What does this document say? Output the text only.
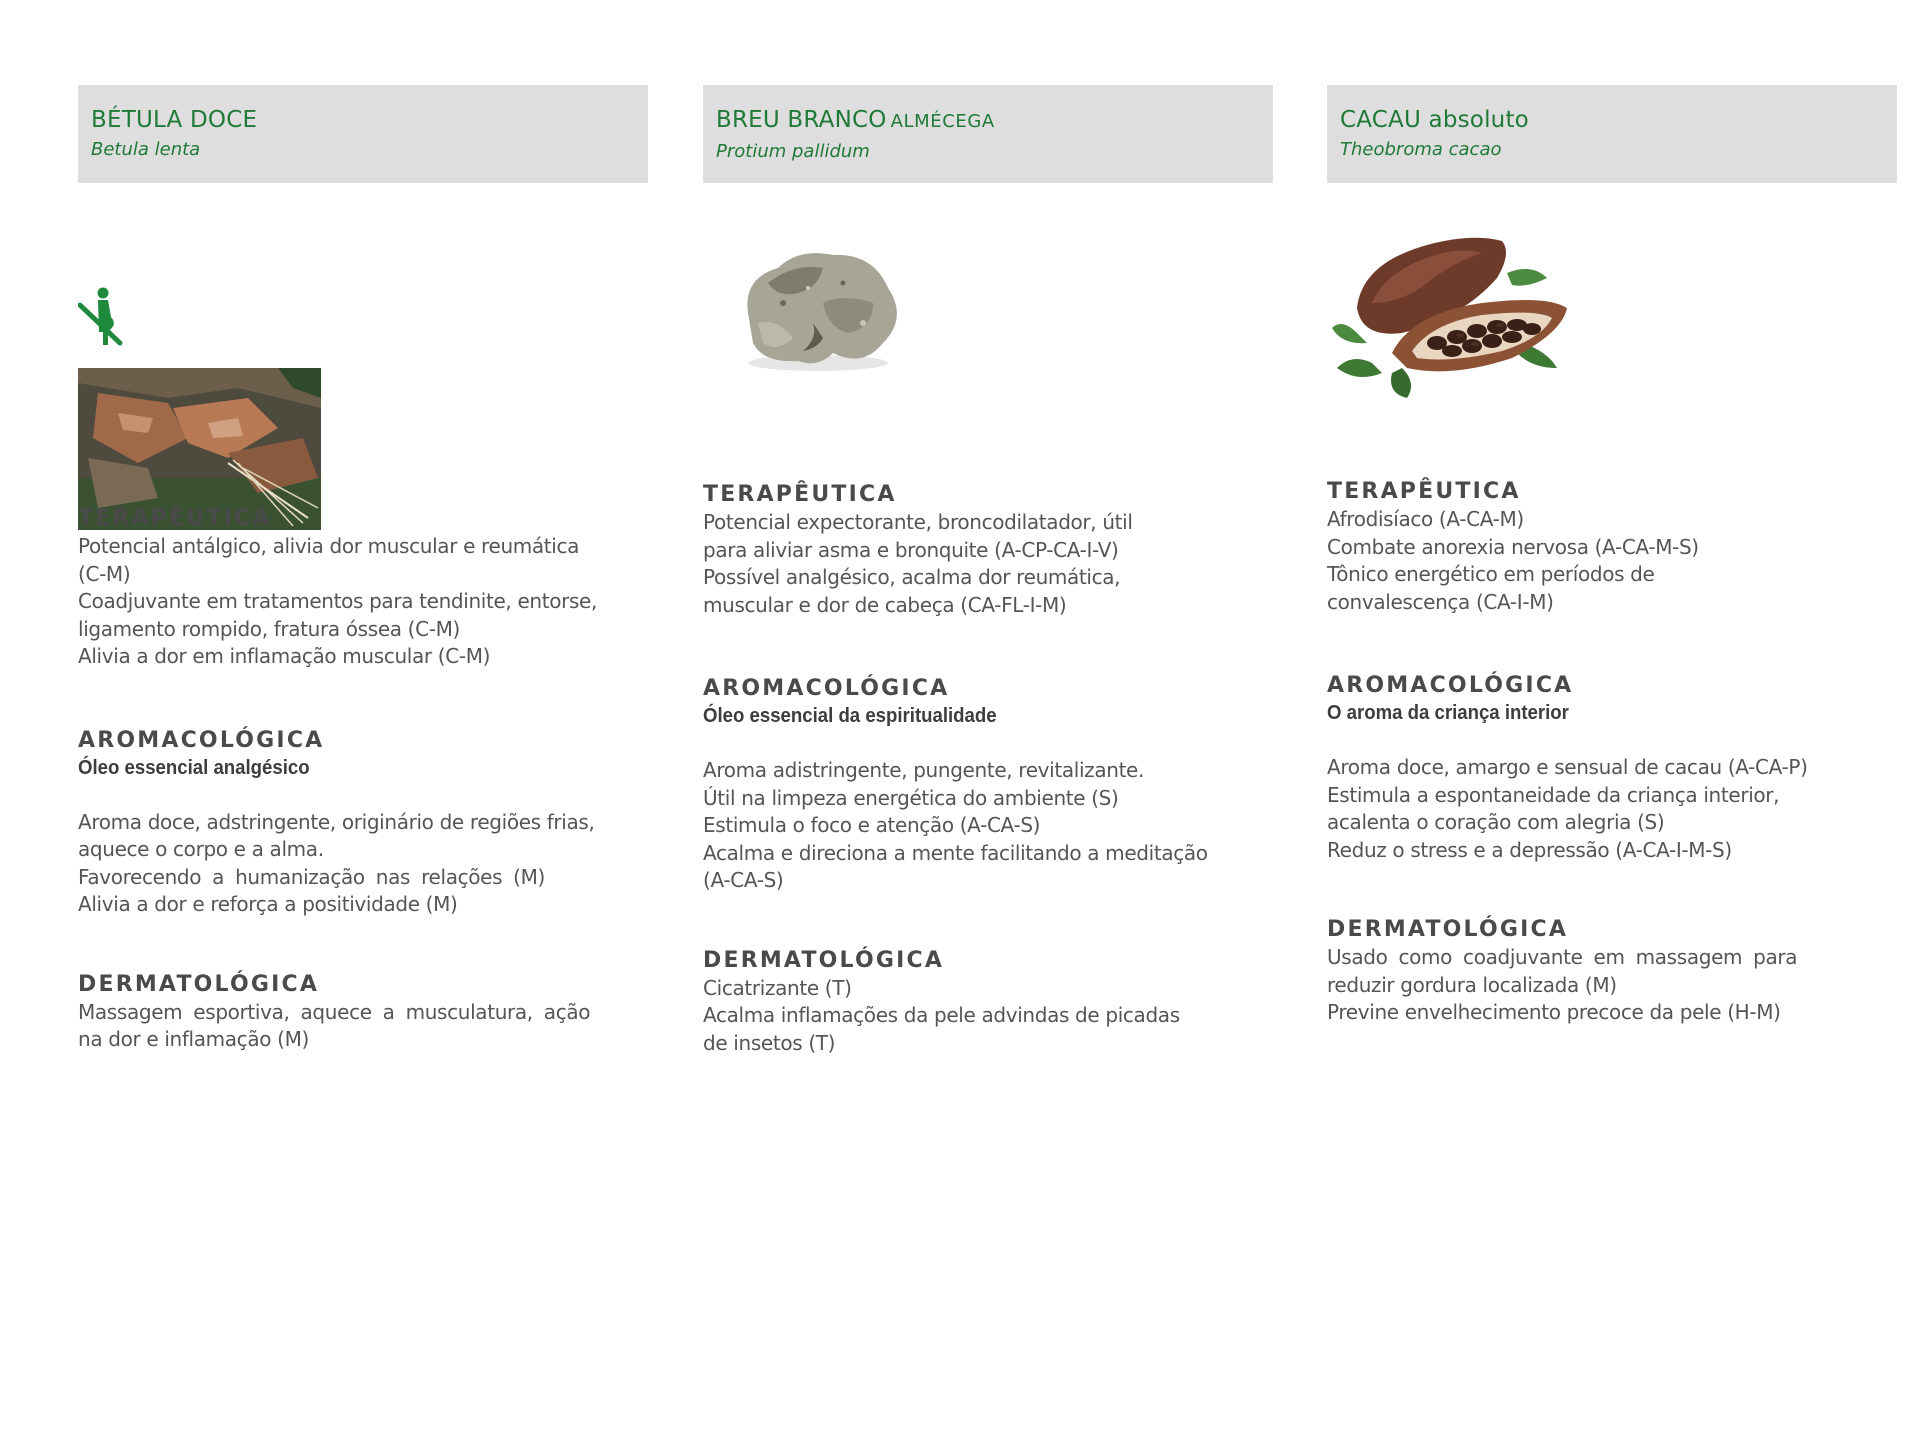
BÉTULA DOCE
Betula lenta
TERAPÊUTICA
Potencial antálgico, alivia dor muscular e reumática
(C-M)
Coadjuvante em tratamentos para tendinite, entorse,
ligamento rompido, fratura óssea (C-M)
Alivia a dor em inflamação muscular (C-M)
AROMACOLÓGICA
Óleo essencial analgésico
Aroma doce, adstringente, originário de regiões frias,
aquece o corpo e a alma.
Favorecendo a humanização nas relações (M)
Alivia a dor e reforça a positividade (M)
DERMATOLÓGICA
Massagem esportiva, aquece a musculatura, ação
na dor e inflamação (M)
BREU BRANCO ALMÉCEGA
Protium pallidum
TERAPÊUTICA
Potencial expectorante, broncodilatador, útil
para aliviar asma e bronquite (A-CP-CA-I-V)
Possível analgésico, acalma dor reumática,
muscular e dor de cabeça (CA-FL-I-M)
AROMACOLÓGICA
Óleo essencial da espiritualidade
Aroma adistringente, pungente, revitalizante.
Útil na limpeza energética do ambiente (S)
Estimula o foco e atenção (A-CA-S)
Acalma e direciona a mente facilitando a meditação
(A-CA-S)
DERMATOLÓGICA
Cicatrizante (T)
Acalma inflamações da pele advindas de picadas
de insetos (T)
CACAU absoluto
Theobroma cacao
TERAPÊUTICA
Afrodisíaco (A-CA-M)
Combate anorexia nervosa (A-CA-M-S)
Tônico energético em períodos de
convalescença (CA-I-M)
AROMACOLÓGICA
O aroma da criança interior
Aroma doce, amargo e sensual de cacau (A-CA-P)
Estimula a espontaneidade da criança interior,
acalenta o coração com alegria (S)
Reduz o stress e a depressão (A-CA-I-M-S)
DERMATOLÓGICA
Usado como coadjuvante em massagem para
reduzir gordura localizada (M)
Previne envelhecimento precoce da pele (H-M)
